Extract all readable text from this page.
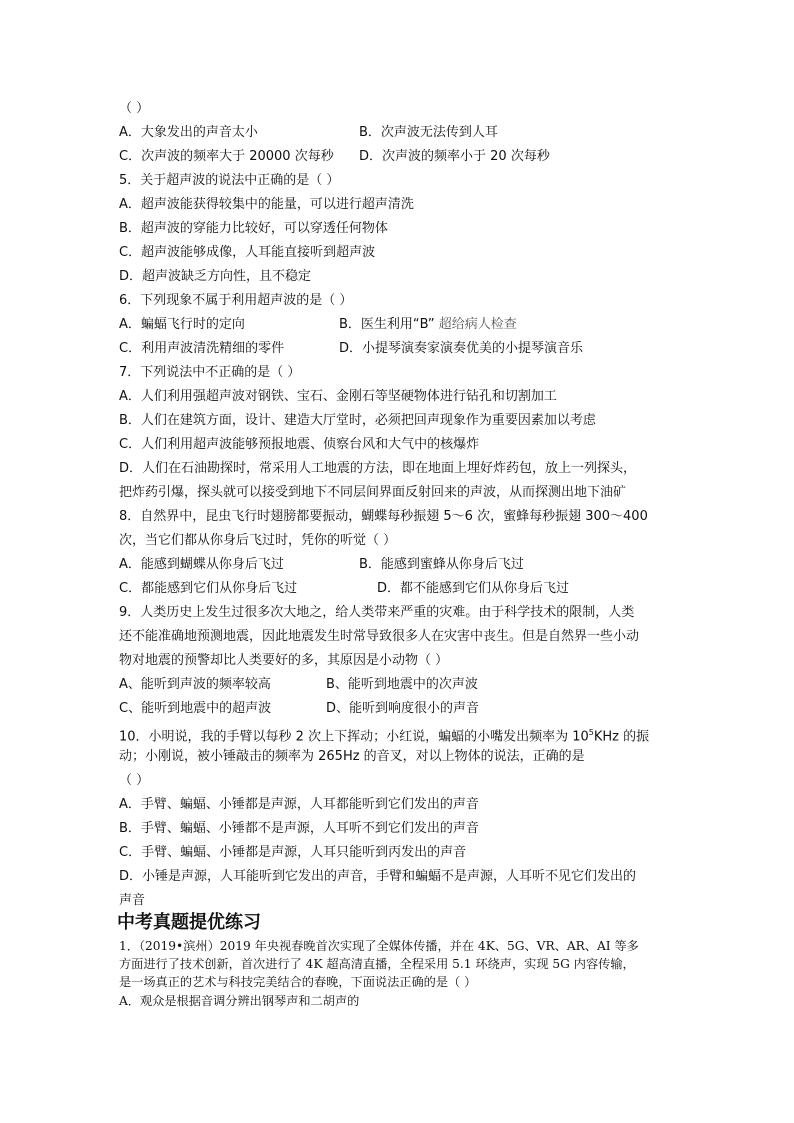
（ ）
A．大象发出的声音太小	B．次声波无法传到人耳
C．次声波的频率大于 20000 次每秒 D．次声波的频率小于 20 次每秒
5．关于超声波的说法中正确的是（ ）
A．超声波能获得较集中的能量，可以进行超声清洗
B．超声波的穿能力比较好，可以穿透任何物体
C．超声波能够成像，人耳能直接听到超声波
D．超声波缺乏方向性，且不稳定
6．下列现象不属于利用超声波的是（ ）
A．蝙蝠飞行时的定向	B．医生利用“B” 超给病人检查
C．利用声波清洗精细的零件	D．小提琴演奏家演奏优美的小提琴演音乐
7．下列说法中不正确的是（ ）
A．人们利用强超声波对钢铁、宝石、金刚石等坚硬物体进行钻孔和切割加工
B．人们在建筑方面，设计、建造大厅堂时，必须把回声现象作为重要因素加以考虑
C．人们利用超声波能够预报地震、侦察台风和大气中的核爆炸
D．人们在石油勘探时，常采用人工地震的方法，即在地面上埋好炸药包，放上一列探头，
把炸药引爆，探头就可以接受到地下不同层间界面反射回来的声波，从而探测出地下油矿
8．自然界中，昆虫飞行时翅膀都要振动，蝴蝶每秒振翅 5～6 次，蜜蜂每秒振翅 300～400
次，当它们都从你身后飞过时，凭你的听觉（ ）
A．能感到蝴蝶从你身后飞过	B．能感到蜜蜂从你身后飞过
C．都能感到它们从你身后飞过	D．都不能感到它们从你身后飞过
9．人类历史上发生过很多次大地之，给人类带来严重的灾难。由于科学技术的限制，人类
还不能准确地预测地震，因此地震发生时常导致很多人在灾害中丧生。但是自然界一些小动
物对地震的预警却比人类要好的多，其原因是小动物（ ）
A、能听到声波的频率较高	B、能听到地震中的次声波
C、能听到地震中的超声波	D、能听到响度很小的声音
10．小明说，我的手臂以每秒 2 次上下挥动；小红说，蝙蝠的小嘴发出频率为 $10^5KHz$ 的振
动；小刚说，被小锤敲击的频率为 265Hz 的音叉，对以上物体的说法，正确的是
（ ）
A．手臂、蝙蝠、小锤都是声源，人耳都能听到它们发出的声音
B．手臂、蝙蝠、小锤都不是声源，人耳听不到它们发出的声音
C．手臂、蝙蝠、小锤都是声源，人耳只能听到丙发出的声音
D．小锤是声源，人耳能听到它发出的声音，手臂和蝙蝠不是声源，人耳听不见它们发出的
声音
中考真题提优练习
1．（2019•滨州）2019 年央视春晚首次实现了全媒体传播，并在 4K、5G、VR、AR、AI 等多
方面进行了技术创新，首次进行了 4K 超高清直播，全程采用 5.1 环绕声，实现 5G 内容传输，
是一场真正的艺术与科技完美结合的春晚，下面说法正确的是（ ）
A．观众是根据音调分辨出钢琴声和二胡声的
